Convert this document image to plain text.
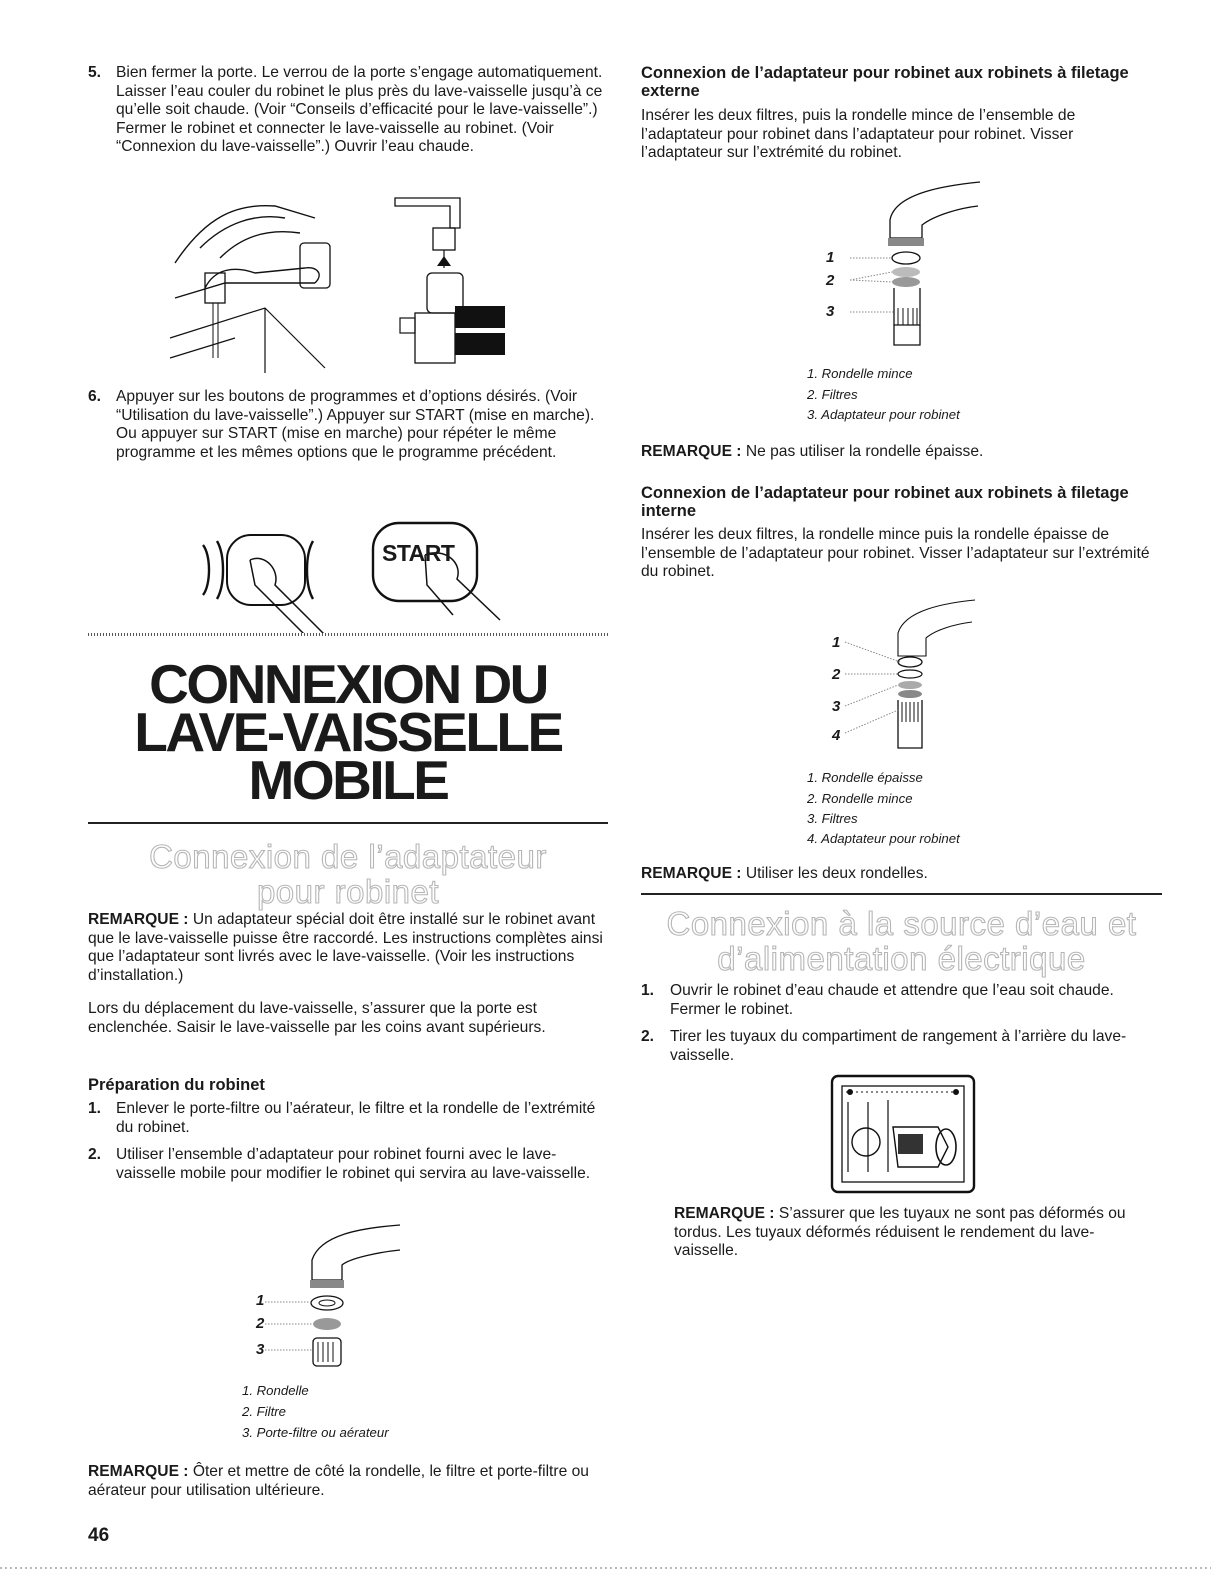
5. Bien fermer la porte. Le verrou de la porte s’engage automatiquement. Laisser l’eau couler du robinet le plus près du lave-vaisselle jusqu’à ce qu’elle soit chaude. (Voir “Conseils d’efficacité pour le lave-vaisselle”.) Fermer le robinet et connecter le lave-vaisselle au robinet. (Voir “Connexion du lave-vaisselle”.) Ouvrir l’eau chaude.

6. Appuyer sur les boutons de programmes et d’options désirés. (Voir “Utilisation du lave-vaisselle”.) Appuyer sur START (mise en marche). Ou appuyer sur START (mise en marche) pour répéter le même programme et les mêmes options que le programme précédent.

START
CONNEXION DU
LAVE-VAISSELLE
MOBILE
Connexion de l’adaptateur
pour robinet

REMARQUE : Un adaptateur spécial doit être installé sur le robinet avant que le lave-vaisselle puisse être raccordé. Les instructions complètes ainsi que l’adaptateur sont livrés avec le lave-vaisselle. (Voir les instructions d’installation.)

Lors du déplacement du lave-vaisselle, s’assurer que la porte est enclenchée. Saisir le lave-vaisselle par les coins avant supérieurs.

Préparation du robinet

1. Enlever le porte-filtre ou l’aérateur, le filtre et la rondelle de l’extrémité du robinet.

2. Utiliser l’ensemble d’adaptateur pour robinet fourni avec le lave-vaisselle mobile pour modifier le robinet qui servira au lave-vaisselle.

1
2
3
1. Rondelle
2. Filtre
3. Porte-filtre ou aérateur

REMARQUE : Ôter et mettre de côté la rondelle, le filtre et porte-filtre ou aérateur pour utilisation ultérieure.

46

Connexion de l’adaptateur pour robinet aux robinets à filetage externe

Insérer les deux filtres, puis la rondelle mince de l’ensemble de l’adaptateur pour robinet dans l’adaptateur pour robinet. Visser l’adaptateur sur l’extrémité du robinet.

1
2
3
1. Rondelle mince
2. Filtres
3. Adaptateur pour robinet

REMARQUE : Ne pas utiliser la rondelle épaisse.

Connexion de l’adaptateur pour robinet aux robinets à filetage interne

Insérer les deux filtres, la rondelle mince puis la rondelle épaisse de l’ensemble de l’adaptateur pour robinet. Visser l’adaptateur sur l’extrémité du robinet.

1
2
3
4
1. Rondelle épaisse
2. Rondelle mince
3. Filtres
4. Adaptateur pour robinet

REMARQUE : Utiliser les deux rondelles.

Connexion à la source d’eau et
d’alimentation électrique
1. Ouvrir le robinet d’eau chaude et attendre que l’eau soit chaude. Fermer le robinet.

2. Tirer les tuyaux du compartiment de rangement à l’arrière du lave-vaisselle.

REMARQUE : S’assurer que les tuyaux ne sont pas déformés ou tordus. Les tuyaux déformés réduisent le rendement du lave-vaisselle.
